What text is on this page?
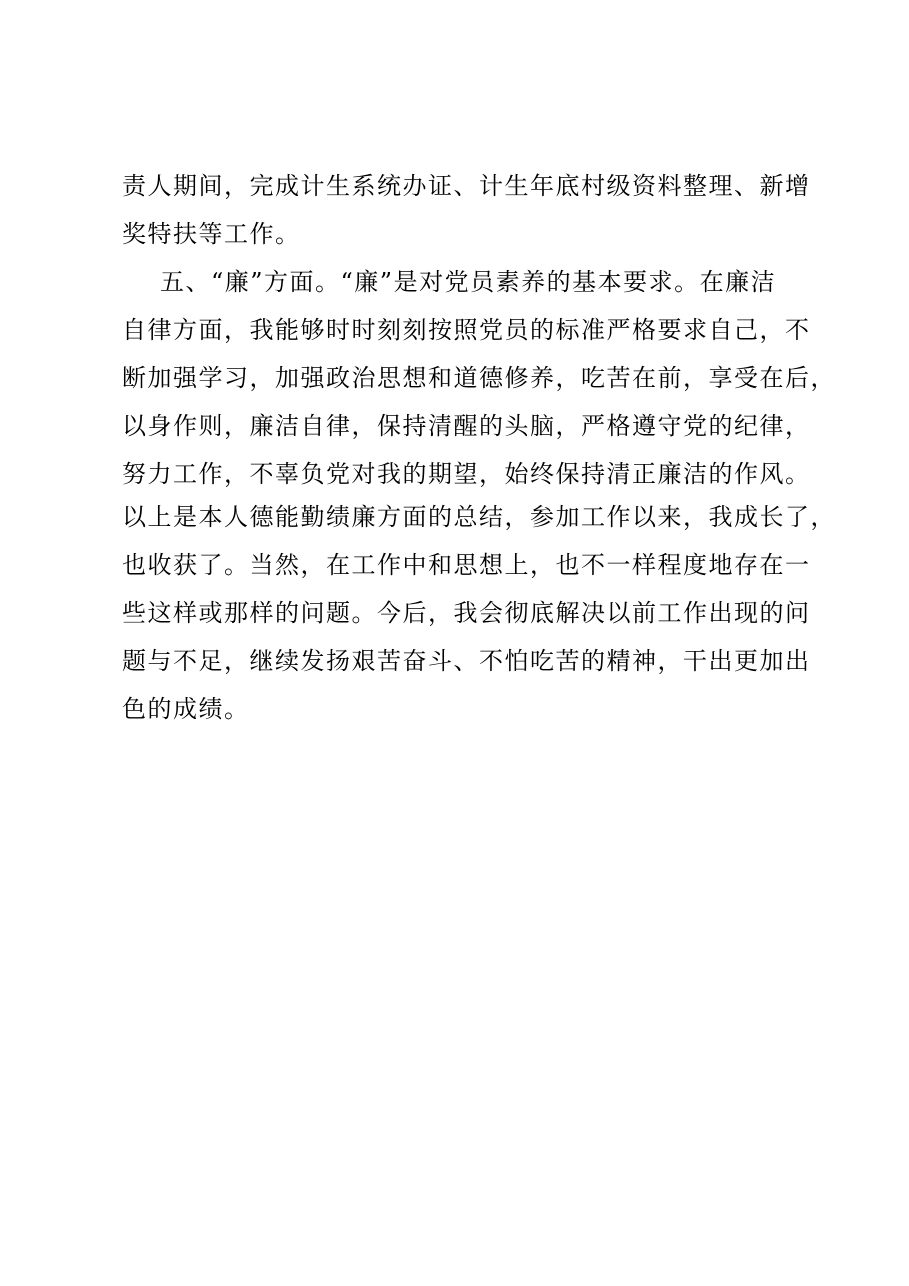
责人期间，完成计生系统办证、计生年底村级资料整理、新增
奖特扶等工作。
五、“廉”方面。“廉”是对党员素养的基本要求。在廉洁
自律方面，我能够时时刻刻按照党员的标准严格要求自己，不
断加强学习，加强政治思想和道德修养，吃苦在前，享受在后，
以身作则，廉洁自律，保持清醒的头脑，严格遵守党的纪律，
努力工作，不辜负党对我的期望，始终保持清正廉洁的作风。
以上是本人德能勤绩廉方面的总结，参加工作以来，我成长了，
也收获了。当然，在工作中和思想上，也不一样程度地存在一
些这样或那样的问题。今后，我会彻底解决以前工作出现的问
题与不足，继续发扬艰苦奋斗、不怕吃苦的精神，干出更加出
色的成绩。
